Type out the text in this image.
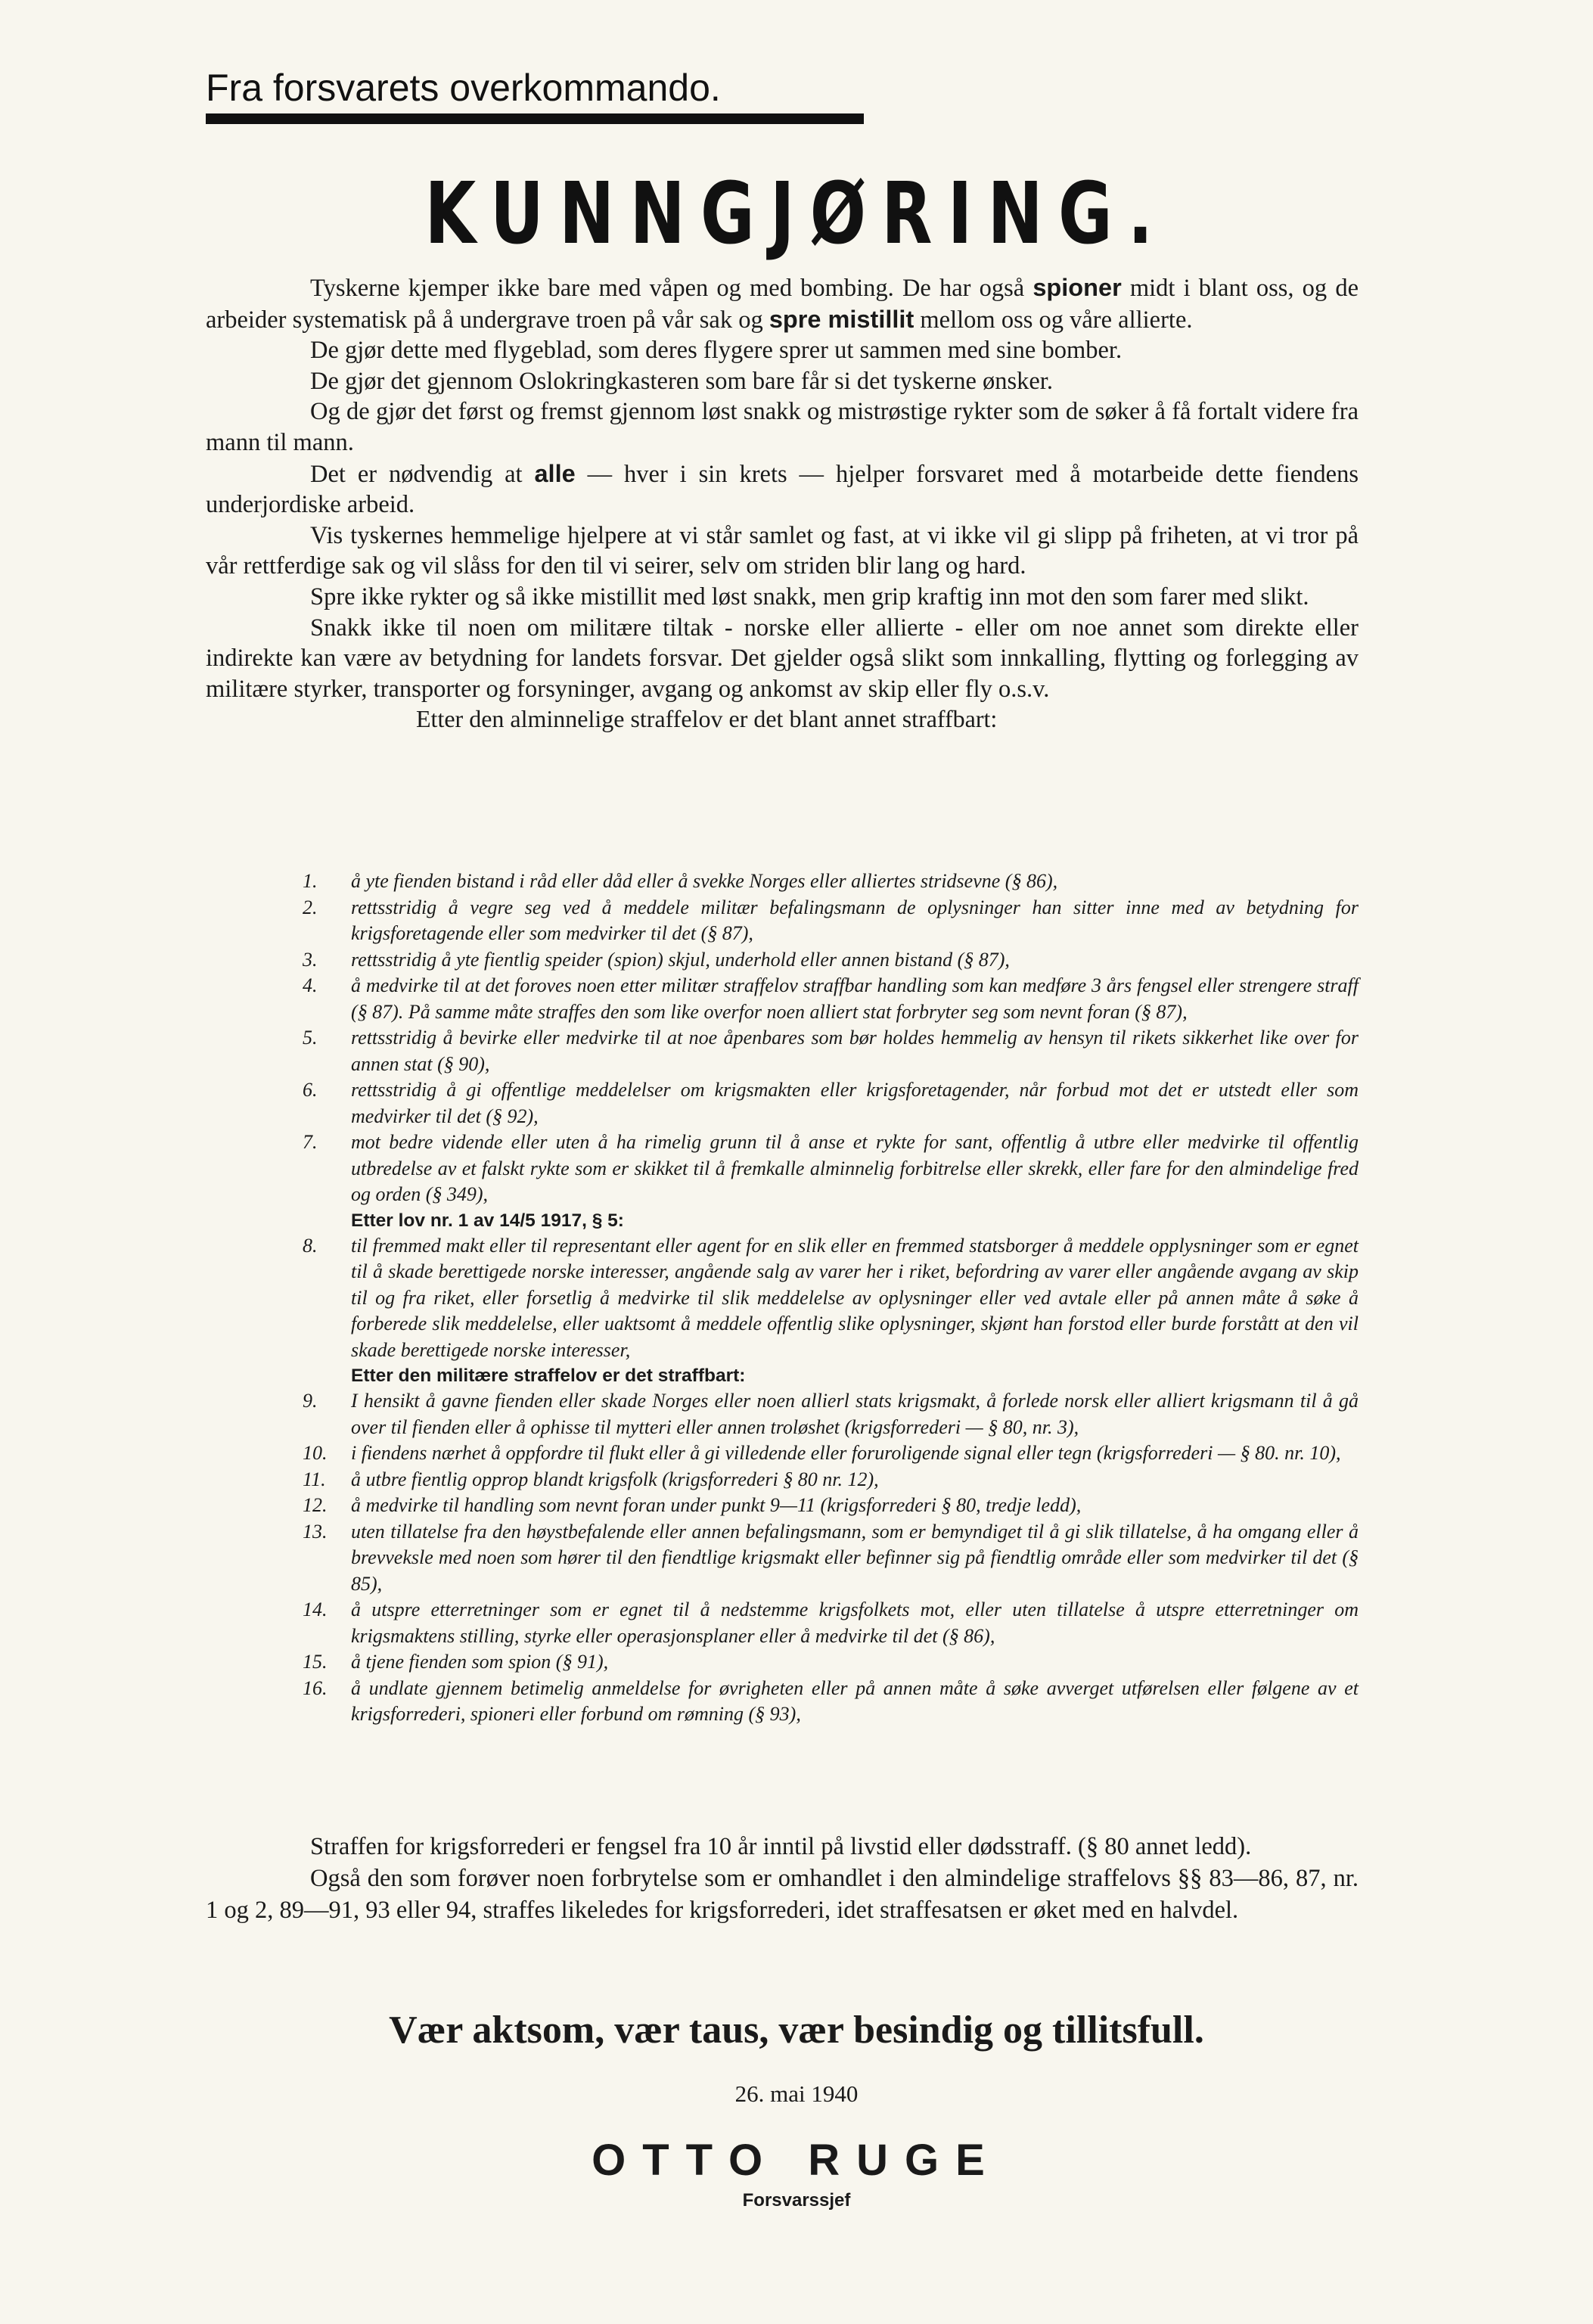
Fra forsvarets overkommando.
KUNNGJØRING.

Tyskerne kjemper ikke bare med våpen og med bombing. De har også spioner midt i blant oss, og de arbeider systematisk på å undergrave troen på vår sak og spre mistillit mellom oss og våre allierte.

De gjør dette med flygeblad, som deres flygere sprer ut sammen med sine bomber.

De gjør det gjennom Oslokringkasteren som bare får si det tyskerne ønsker.

Og de gjør det først og fremst gjennom løst snakk og mistrøstige rykter som de søker å få fortalt videre fra mann til mann.

Det er nødvendig at alle — hver i sin krets — hjelper forsvaret med å motarbeide dette fiendens underjordiske arbeid.

Vis tyskernes hemmelige hjelpere at vi står samlet og fast, at vi ikke vil gi slipp på friheten, at vi tror på vår rettferdige sak og vil slåss for den til vi seirer, selv om striden blir lang og hard.

Spre ikke rykter og så ikke mistillit med løst snakk, men grip kraftig inn mot den som farer med slikt.

Snakk ikke til noen om militære tiltak - norske eller allierte - eller om noe annet som direkte eller indirekte kan være av betydning for landets forsvar. Det gjelder også slikt som innkalling, flytting og forlegging av militære styrker, transporter og forsyninger, avgang og ankomst av skip eller fly o.s.v.

Etter den alminnelige straffelov er det blant annet straffbart:

1.	å yte fienden bistand i råd eller dåd eller å svekke Norges eller alliertes stridsevne (§ 86),
2.	rettsstridig å vegre seg ved å meddele militær befalingsmann de oplysninger han sitter inne med av betydning for krigsforetagende eller som medvirker til det (§ 87),
3.	rettsstridig å yte fientlig speider (spion) skjul, underhold eller annen bistand (§ 87),
4.	å medvirke til at det foroves noen etter militær straffelov straffbar handling som kan medføre 3 års fengsel eller strengere straff (§ 87). På samme måte straffes den som like overfor noen alliert stat forbryter seg som nevnt foran (§ 87),
5.	rettsstridig å bevirke eller medvirke til at noe åpenbares som bør holdes hemmelig av hensyn til rikets sikkerhet like over for annen stat (§ 90),
6.	rettsstridig å gi offentlige meddelelser om krigsmakten eller krigsforetagender, når forbud mot det er utstedt eller som medvirker til det (§ 92),
7.	mot bedre vidende eller uten å ha rimelig grunn til å anse et rykte for sant, offentlig å utbre eller medvirke til offentlig utbredelse av et falskt rykte som er skikket til å fremkalle alminnelig forbitrelse eller skrekk, eller fare for den almindelige fred og orden (§ 349),
Etter lov nr. 1 av 14/5 1917, § 5:
8.	til fremmed makt eller til representant eller agent for en slik eller en fremmed statsborger å meddele opplysninger som er egnet til å skade berettigede norske interesser, angående salg av varer her i riket, befordring av varer eller angående avgang av skip til og fra riket, eller forsetlig å medvirke til slik meddelelse av oplysninger eller ved avtale eller på annen måte å søke å forberede slik meddelelse, eller uaktsomt å meddele offentlig slike oplysninger, skjønt han forstod eller burde forstått at den vil skade berettigede norske interesser,
Etter den militære straffelov er det straffbart:
9.	I hensikt å gavne fienden eller skade Norges eller noen allierl stats krigsmakt, å forlede norsk eller alliert krigsmann til å gå over til fienden eller å ophisse til mytteri eller annen troløshet (krigsforrederi — § 80, nr. 3),
10.	i fiendens nærhet å oppfordre til flukt eller å gi villedende eller foruroligende signal eller tegn (krigsforrederi — § 80. nr. 10),
11.	å utbre fientlig opprop blandt krigsfolk (krigsforrederi § 80 nr. 12),
12.	å medvirke til handling som nevnt foran under punkt 9—11 (krigsforrederi § 80, tredje ledd),
13.	uten tillatelse fra den høystbefalende eller annen befalingsmann, som er bemyndiget til å gi slik tillatelse, å ha omgang eller å brevveksle med noen som hører til den fiendtlige krigsmakt eller befinner sig på fiendtlig område eller som medvirker til det (§ 85),
14.	å utspre etterretninger som er egnet til å nedstemme krigsfolkets mot, eller uten tillatelse å utspre etterretninger om krigsmaktens stilling, styrke eller operasjonsplaner eller å medvirke til det (§ 86),
15.	å tjene fienden som spion (§ 91),
16.	å undlate gjennem betimelig anmeldelse for øvrigheten eller på annen måte å søke avverget utførelsen eller følgene av et krigsforrederi, spioneri eller forbund om rømning (§ 93),

Straffen for krigsforrederi er fengsel fra 10 år inntil på livstid eller dødsstraff. (§ 80 annet ledd).

Også den som forøver noen forbrytelse som er omhandlet i den almindelige straffelovs §§ 83—86, 87, nr. 1 og 2, 89—91, 93 eller 94, straffes likeledes for krigsforrederi, idet straffesatsen er øket med en halvdel.

Vær aktsom, vær taus, vær besindig og tillitsfull.
26. mai 1940
OTTO RUGE
Forsvarssjef
